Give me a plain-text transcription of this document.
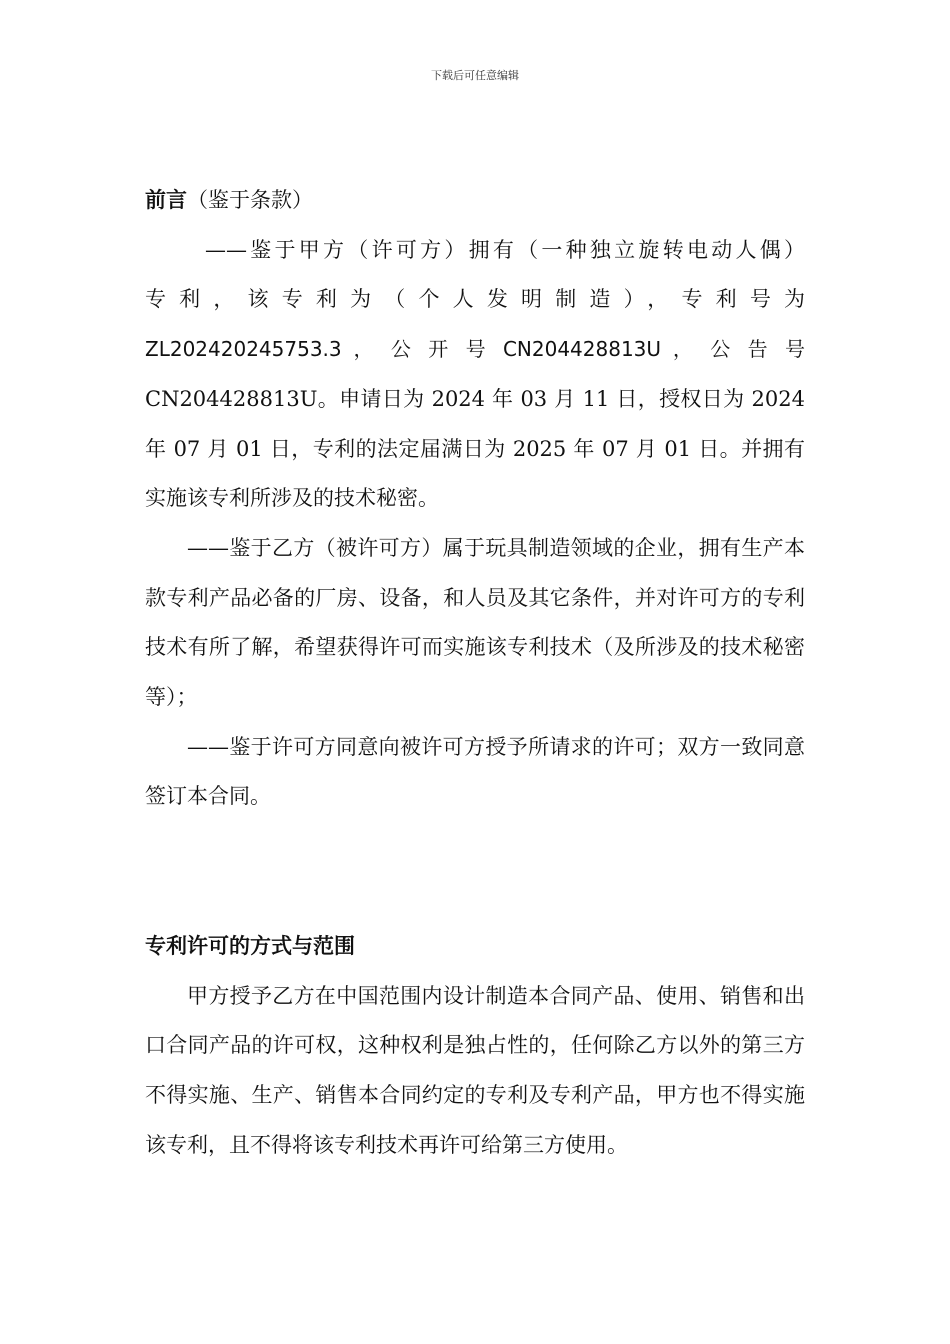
下载后可任意编辑
前言（鉴于条款）

——鉴于甲方（许可方）拥有（一种独立旋转电动人偶）
专利，该专利为（个人发明制造），专利号为
ZL202420245753.3 ， 公 开 号 CN204428813U ， 公 告 号
CN204428813U。申请日为 2024 年 03 月 11 日，授权日为 2024 年 07 月 01 日，专利的法定届满日为 2025 年 07 月 01 日。并拥有实施该专利所涉及的技术秘密。

——鉴于乙方（被许可方）属于玩具制造领域的企业，拥有生产本款专利产品必备的厂房、设备，和人员及其它条件，并对许可方的专利技术有所了解，希望获得许可而实施该专利技术（及所涉及的技术秘密等）；

——鉴于许可方同意向被许可方授予所请求的许可；双方一致同意签订本合同。

专利许可的方式与范围

甲方授予乙方在中国范围内设计制造本合同产品、使用、销售和出口合同产品的许可权，这种权利是独占性的，任何除乙方以外的第三方不得实施、生产、销售本合同约定的专利及专利产品，甲方也不得实施该专利，且不得将该专利技术再许可给第三方使用。
